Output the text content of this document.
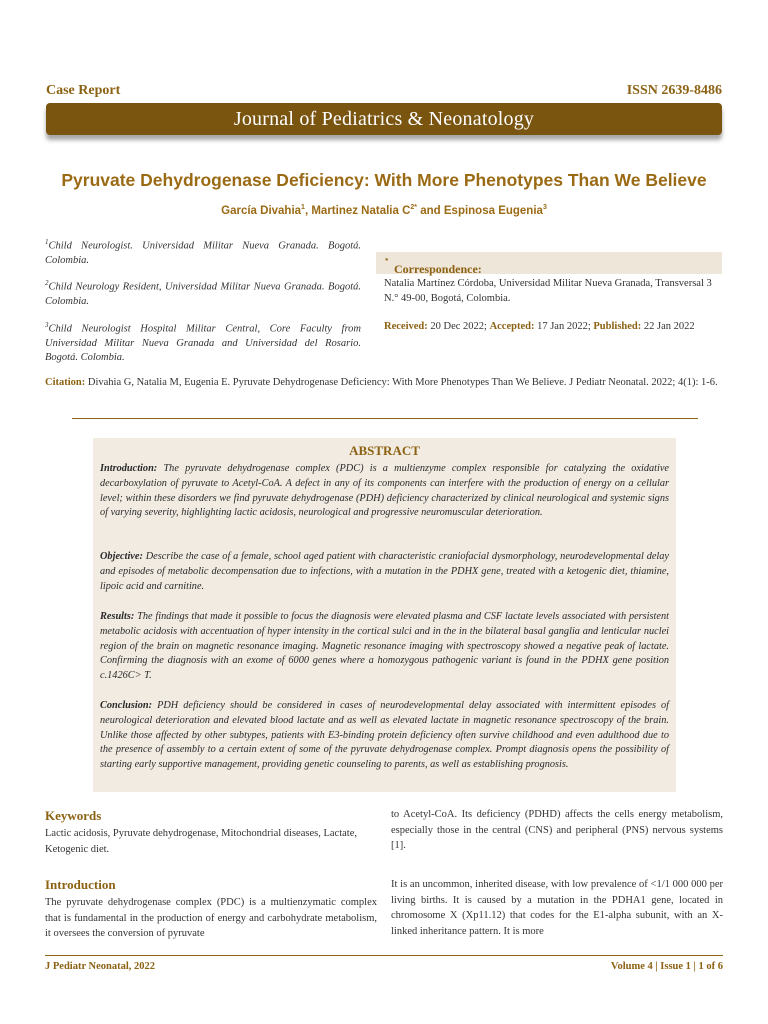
Case Report	ISSN 2639-8486
Journal of Pediatrics & Neonatology
Pyruvate Dehydrogenase Deficiency: With More Phenotypes Than We Believe
García Divahia$^1$, Martinez Natalia $C^{2*}$ and Espinosa Eugenia$^3$
$^1$Child Neurologist. Universidad Militar Nueva Granada. Bogotá. Colombia.
$^2$Child Neurology Resident, Universidad Militar Nueva Granada. Bogotá. Colombia.
$^3$Child Neurologist Hospital Militar Central, Core Faculty from Universidad Militar Nueva Granada and Universidad del Rosario. Bogotá. Colombia.
*
Correspondence:
Natalia Martínez Córdoba, Universidad Militar Nueva Granada, Transversal 3 N.° 49-00, Bogotá, Colombia.
Received: 20 Dec 2022; Accepted: 17 Jan 2022; Published: 22 Jan 2022
Citation: Divahia G, Natalia M, Eugenia E. Pyruvate Dehydrogenase Deficiency: With More Phenotypes Than We Believe. J Pediatr Neonatal. 2022; 4(1): 1-6.
ABSTRACT
Introduction: The pyruvate dehydrogenase complex (PDC) is a multienzyme complex responsible for catalyzing the oxidative decarboxylation of pyruvate to Acetyl-CoA. A defect in any of its components can interfere with the production of energy on a cellular level; within these disorders we find pyruvate dehydrogenase (PDH) deficiency characterized by clinical neurological and systemic signs of varying severity, highlighting lactic acidosis, neurological and progressive neuromuscular deterioration.
Objective: Describe the case of a female, school aged patient with characteristic craniofacial dysmorphology, neurodevelopmental delay and episodes of metabolic decompensation due to infections, with a mutation in the PDHX gene, treated with a ketogenic diet, thiamine, lipoic acid and carnitine.
Results: The findings that made it possible to focus the diagnosis were elevated plasma and CSF lactate levels associated with persistent metabolic acidosis with accentuation of hyper intensity in the cortical sulci and in the in the bilateral basal ganglia and lenticular nuclei region of the brain on magnetic resonance imaging. Magnetic resonance imaging with spectroscopy showed a negative peak of lactate. Confirming the diagnosis with an exome of 6000 genes where a homozygous pathogenic variant is found in the PDHX gene position c.1426C> T.
Conclusion: PDH deficiency should be considered in cases of neurodevelopmental delay associated with intermittent episodes of neurological deterioration and elevated blood lactate and as well as elevated lactate in magnetic resonance spectroscopy of the brain. Unlike those affected by other subtypes, patients with E3-binding protein deficiency often survive childhood and even adulthood due to the presence of assembly to a certain extent of some of the pyruvate dehydrogenase complex. Prompt diagnosis opens the possibility of starting early supportive management, providing genetic counseling to parents, as well as establishing prognosis.
Keywords
Lactic acidosis, Pyruvate dehydrogenase, Mitochondrial diseases, Lactate, Ketogenic diet.
Introduction
The pyruvate dehydrogenase complex (PDC) is a multienzymatic complex that is fundamental in the production of energy and carbohydrate metabolism, it oversees the conversion of pyruvate
to Acetyl-CoA. Its deficiency (PDHD) affects the cells energy metabolism, especially those in the central (CNS) and peripheral (PNS) nervous systems [1].
It is an uncommon, inherited disease, with low prevalence of <1/1 000 000 per living births. It is caused by a mutation in the PDHA1 gene, located in chromosome X (Xp11.12) that codes for the E1-alpha subunit, with an X-linked inheritance pattern. It is more
J Pediatr Neonatal, 2022	Volume 4 | Issue 1 | 1 of 6
